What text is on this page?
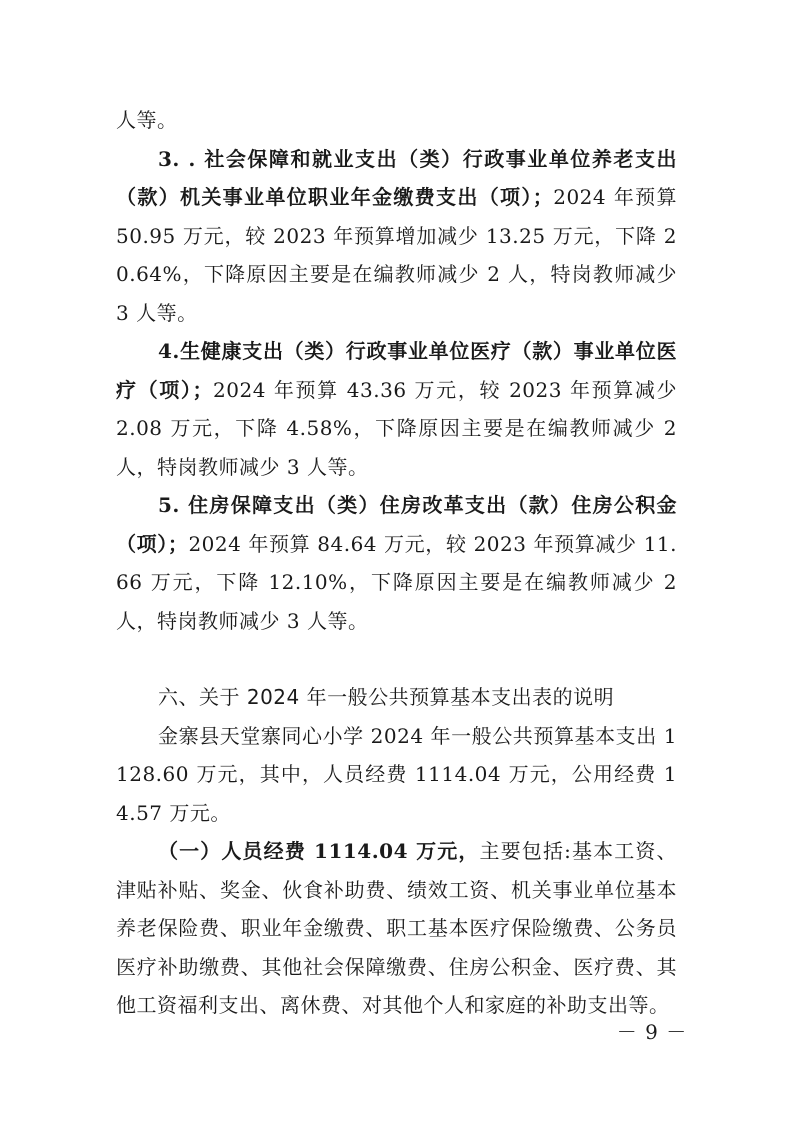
人等。

3. . 社会保障和就业支出（类）行政事业单位养老支出（款）机关事业单位职业年金缴费支出（项）；2024 年预算 50.95 万元，较 2023 年预算增加减少 13.25 万元，下降 20.64%，下降原因主要是在编教师减少 2 人，特岗教师减少 3 人等。

4.生健康支出（类）行政事业单位医疗（款）事业单位医疗（项）；2024 年预算 43.36 万元，较 2023 年预算减少 2.08 万元，下降 4.58%，下降原因主要是在编教师减少 2 人，特岗教师减少 3 人等。

5. 住房保障支出（类）住房改革支出（款）住房公积金（项）；2024 年预算 84.64 万元，较 2023 年预算减少 11.66 万元，下降 12.10%，下降原因主要是在编教师减少 2 人，特岗教师减少 3 人等。

六、关于 2024 年一般公共预算基本支出表的说明

金寨县天堂寨同心小学 2024 年一般公共预算基本支出 1128.60 万元，其中，人员经费 1114.04 万元，公用经费 14.57 万元。

（一）人员经费 1114.04 万元，主要包括:基本工资、津贴补贴、奖金、伙食补助费、绩效工资、机关事业单位基本养老保险费、职业年金缴费、职工基本医疗保险缴费、公务员医疗补助缴费、其他社会保障缴费、住房公积金、医疗费、其他工资福利支出、离休费、对其他个人和家庭的补助支出等。

－ 9 －
